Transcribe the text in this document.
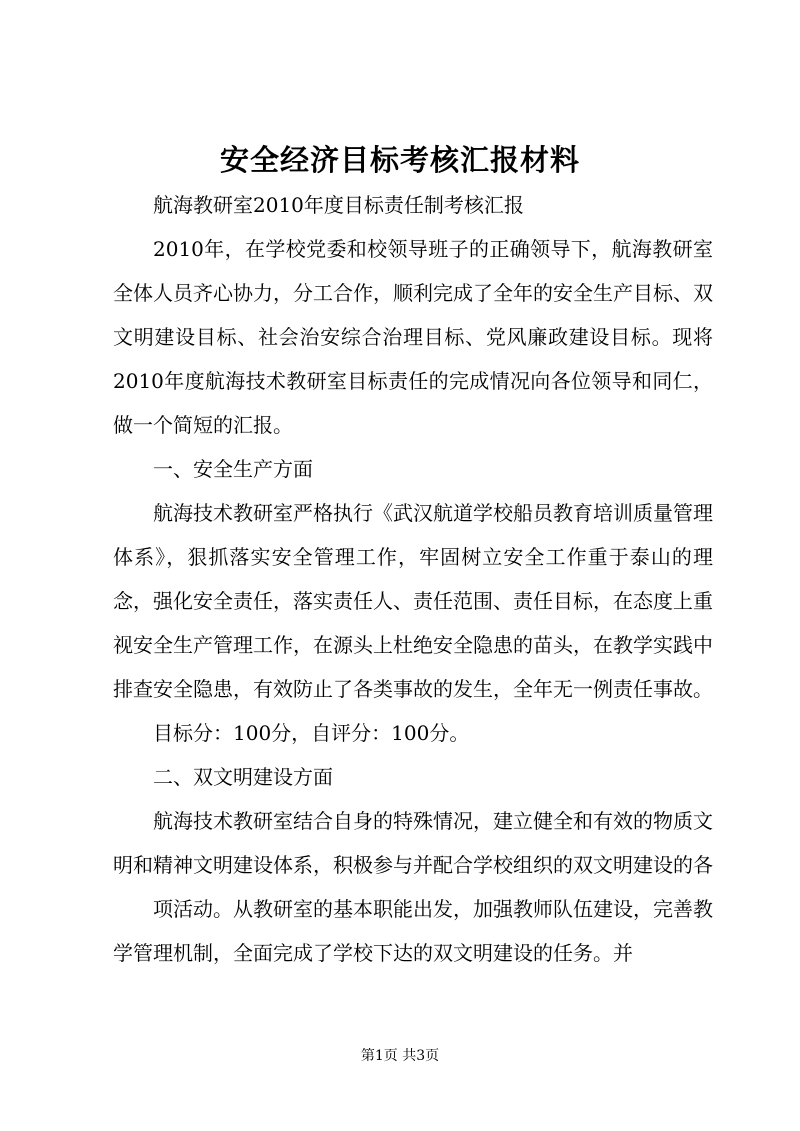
安全经济目标考核汇报材料

航海教研室2010年度目标责任制考核汇报

2010年，在学校党委和校领导班子的正确领导下，航海教研室全体人员齐心协力，分工合作，顺利完成了全年的安全生产目标、双文明建设目标、社会治安综合治理目标、党风廉政建设目标。现将2010年度航海技术教研室目标责任的完成情况向各位领导和同仁，做一个简短的汇报。

一、安全生产方面

航海技术教研室严格执行《武汉航道学校船员教育培训质量管理体系》，狠抓落实安全管理工作，牢固树立安全工作重于泰山的理念，强化安全责任，落实责任人、责任范围、责任目标，在态度上重视安全生产管理工作，在源头上杜绝安全隐患的苗头，在教学实践中排查安全隐患，有效防止了各类事故的发生，全年无一例责任事故。

目标分：100分，自评分：100分。

二、双文明建设方面

航海技术教研室结合自身的特殊情况，建立健全和有效的物质文明和精神文明建设体系，积极参与并配合学校组织的双文明建设的各

项活动。从教研室的基本职能出发，加强教师队伍建设，完善教学管理机制，全面完成了学校下达的双文明建设的任务。并

第1页 共3页
